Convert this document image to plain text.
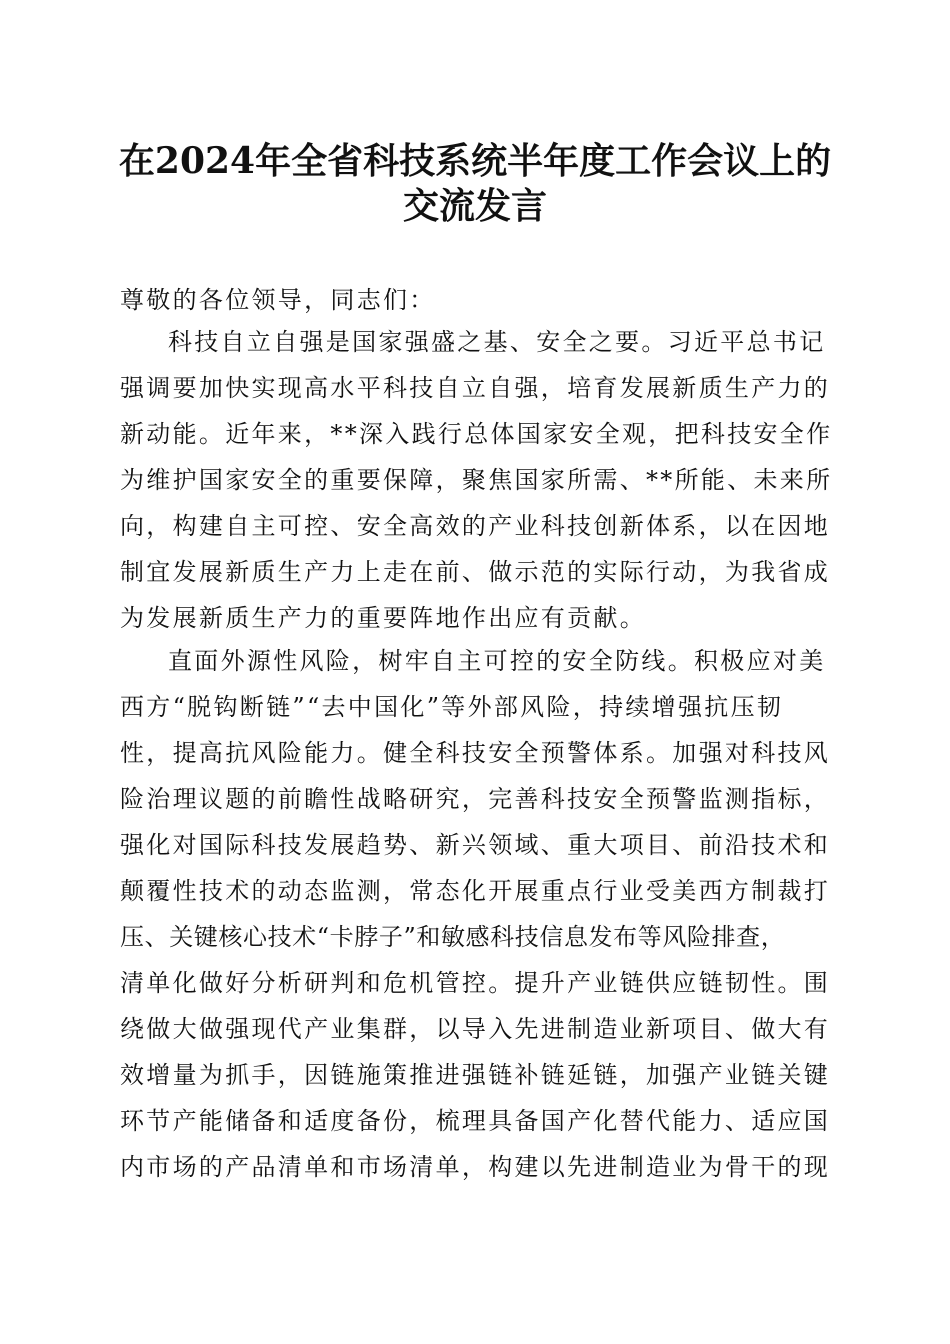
在2024年全省科技系统半年度工作会议上的
交流发言

尊敬的各位领导，同志们：

科技自立自强是国家强盛之基、安全之要。习近平总书记

强调要加快实现高水平科技自立自强，培育发展新质生产力的

新动能。近年来，**深入践行总体国家安全观，把科技安全作

为维护国家安全的重要保障，聚焦国家所需、**所能、未来所

向，构建自主可控、安全高效的产业科技创新体系，以在因地

制宜发展新质生产力上走在前、做示范的实际行动，为我省成

为发展新质生产力的重要阵地作出应有贡献。

直面外源性风险，树牢自主可控的安全防线。积极应对美

西方“脱钩断链”“去中国化”等外部风险，持续增强抗压韧

性，提高抗风险能力。健全科技安全预警体系。加强对科技风

险治理议题的前瞻性战略研究，完善科技安全预警监测指标，

强化对国际科技发展趋势、新兴领域、重大项目、前沿技术和

颠覆性技术的动态监测，常态化开展重点行业受美西方制裁打

压、关键核心技术“卡脖子”和敏感科技信息发布等风险排查，

清单化做好分析研判和危机管控。提升产业链供应链韧性。围

绕做大做强现代产业集群，以导入先进制造业新项目、做大有

效增量为抓手，因链施策推进强链补链延链，加强产业链关键

环节产能储备和适度备份，梳理具备国产化替代能力、适应国

内市场的产品清单和市场清单，构建以先进制造业为骨干的现
